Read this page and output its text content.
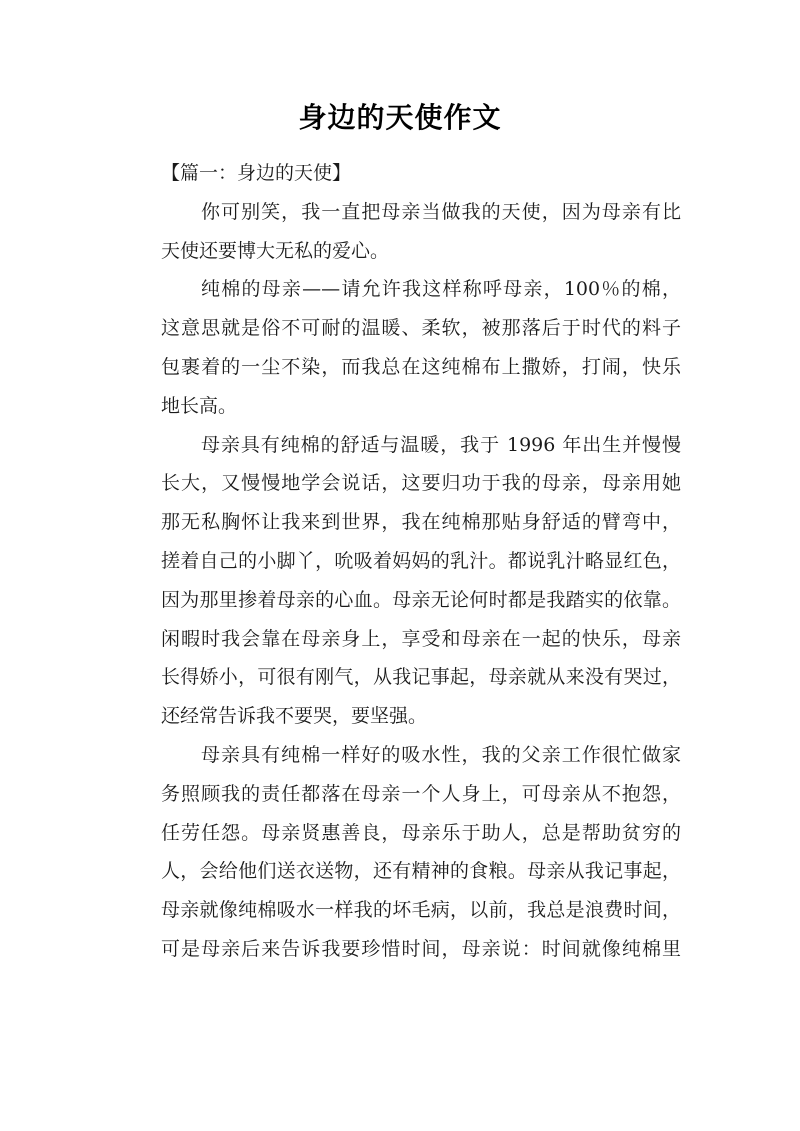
身边的天使作文
【篇一：身边的天使】
你可别笑，我一直把母亲当做我的天使，因为母亲有比
天使还要博大无私的爱心。
纯棉的母亲——请允许我这样称呼母亲，100％的棉，
这意思就是俗不可耐的温暖、柔软，被那落后于时代的料子
包裹着的一尘不染，而我总在这纯棉布上撒娇，打闹，快乐
地长高。
母亲具有纯棉的舒适与温暖，我于 1996 年出生并慢慢
长大，又慢慢地学会说话，这要归功于我的母亲，母亲用她
那无私胸怀让我来到世界，我在纯棉那贴身舒适的臂弯中，
搓着自己的小脚丫，吮吸着妈妈的乳汁。都说乳汁略显红色，
因为那里掺着母亲的心血。母亲无论何时都是我踏实的依靠。
闲暇时我会靠在母亲身上，享受和母亲在一起的快乐，母亲
长得娇小，可很有刚气，从我记事起，母亲就从来没有哭过，
还经常告诉我不要哭，要坚强。
母亲具有纯棉一样好的吸水性，我的父亲工作很忙做家
务照顾我的责任都落在母亲一个人身上，可母亲从不抱怨，
任劳任怨。母亲贤惠善良，母亲乐于助人，总是帮助贫穷的
人，会给他们送衣送物，还有精神的食粮。母亲从我记事起，
母亲就像纯棉吸水一样我的坏毛病，以前，我总是浪费时间，
可是母亲后来告诉我要珍惜时间，母亲说：时间就像纯棉里
